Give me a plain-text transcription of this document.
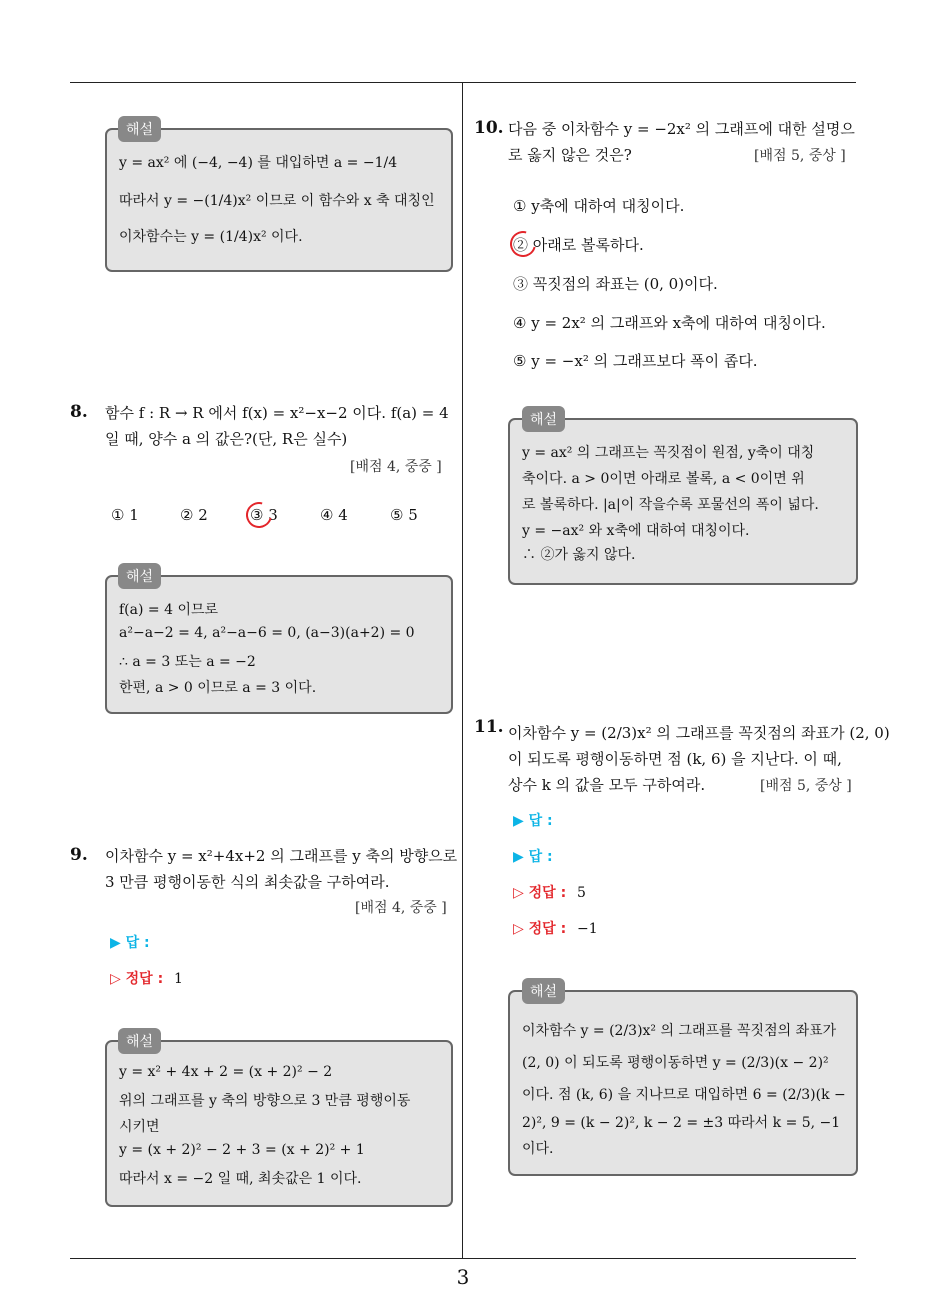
y = ax² 에 (−4, −4) 를 대입하면 a = −1/4
따라서 y = −(1/4)x² 이므로 이 함수와 x 축 대칭인
이차함수는 y = (1/4)x² 이다.
해설
8. 함수 f : R → R 에서 f(x) = x²−x−2 이다. f(a) = 4
일 때, 양수 a 의 값은?(단, R은 실수)
[배점 4, 중중 ]
① 1	② 2	③ 3	④ 4	⑤ 5
f(a) = 4 이므로
a²−a−2 = 4, a²−a−6 = 0, (a−3)(a+2) = 0
∴ a = 3 또는 a = −2
한편, a > 0 이므로 a = 3 이다.
해설
9. 이차함수 y = x²+4x+2 의 그래프를 y 축의 방향으로
3 만큼 평행이동한 식의 최솟값을 구하여라.
[배점 4, 중중 ]
▶ 답 :
▷ 정답 : 1
y = x² + 4x + 2 = (x + 2)² − 2
위의 그래프를 y 축의 방향으로 3 만큼 평행이동
시키면
y = (x + 2)² − 2 + 3 = (x + 2)² + 1
따라서 x = −2 일 때, 최솟값은 1 이다.
해설
10. 다음 중 이차함수 y = −2x² 의 그래프에 대한 설명으
로 옳지 않은 것은?	[배점 5, 중상 ]
① y축에 대하여 대칭이다.
② 아래로 볼록하다.
③ 꼭짓점의 좌표는 (0, 0)이다.
④ y = 2x² 의 그래프와 x축에 대하여 대칭이다.
⑤ y = −x² 의 그래프보다 폭이 좁다.
y = ax² 의 그래프는 꼭짓점이 원점, y축이 대칭
축이다. a > 0이면 아래로 볼록, a < 0이면 위
로 볼록하다. |a|이 작을수록 포물선의 폭이 넓다.
y = −ax² 와 x축에 대하여 대칭이다.
∴ ②가 옳지 않다.
해설
11. 이차함수 y = (2/3)x² 의 그래프를 꼭짓점의 좌표가 (2, 0)
이 되도록 평행이동하면 점 (k, 6) 을 지난다. 이 때,
상수 k 의 값을 모두 구하여라.	[배점 5, 중상 ]
▶ 답 :
▶ 답 :
▷ 정답 : 5
▷ 정답 : −1
이차함수 y = (2/3)x² 의 그래프를 꼭짓점의 좌표가
(2, 0) 이 되도록 평행이동하면 y = (2/3)(x − 2)²
이다. 점 (k, 6) 을 지나므로 대입하면 6 = (2/3)(k −
2)², 9 = (k − 2)², k − 2 = ±3 따라서 k = 5, −1
이다.
해설
3
